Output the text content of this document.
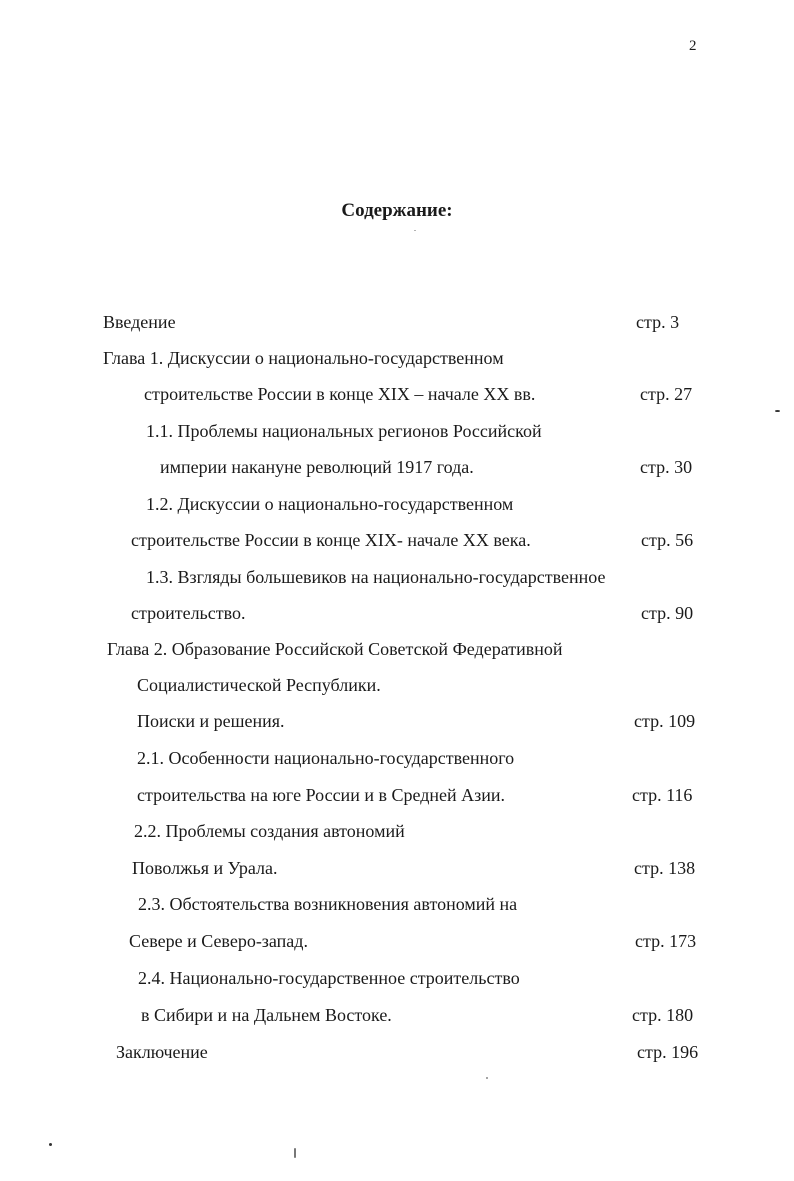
2
Содержание:
Введение	стр. 3
Глава 1. Дискуссии о национально-государственном
строительстве России в конце XIX – начале XX вв.	стр. 27
1.1. Проблемы национальных регионов Российской
империи накануне революций 1917 года.	стр. 30
1.2. Дискуссии о национально-государственном
строительстве России в конце XIX- начале XX века.	стр. 56
1.3. Взгляды большевиков на национально-государственное
строительство.	стр. 90
Глава 2. Образование Российской Советской Федеративной
Социалистической Республики.
Поиски и решения.	стр. 109
2.1. Особенности национально-государственного
строительства на юге России и в Средней Азии.	стр. 116
2.2. Проблемы создания автономий
Поволжья и Урала.	стр. 138
2.3. Обстоятельства возникновения автономий на
Севере и Северо-запад.	стр. 173
2.4. Национально-государственное строительство
в Сибири и на Дальнем Востоке.	стр. 180
Заключение	стр. 196
